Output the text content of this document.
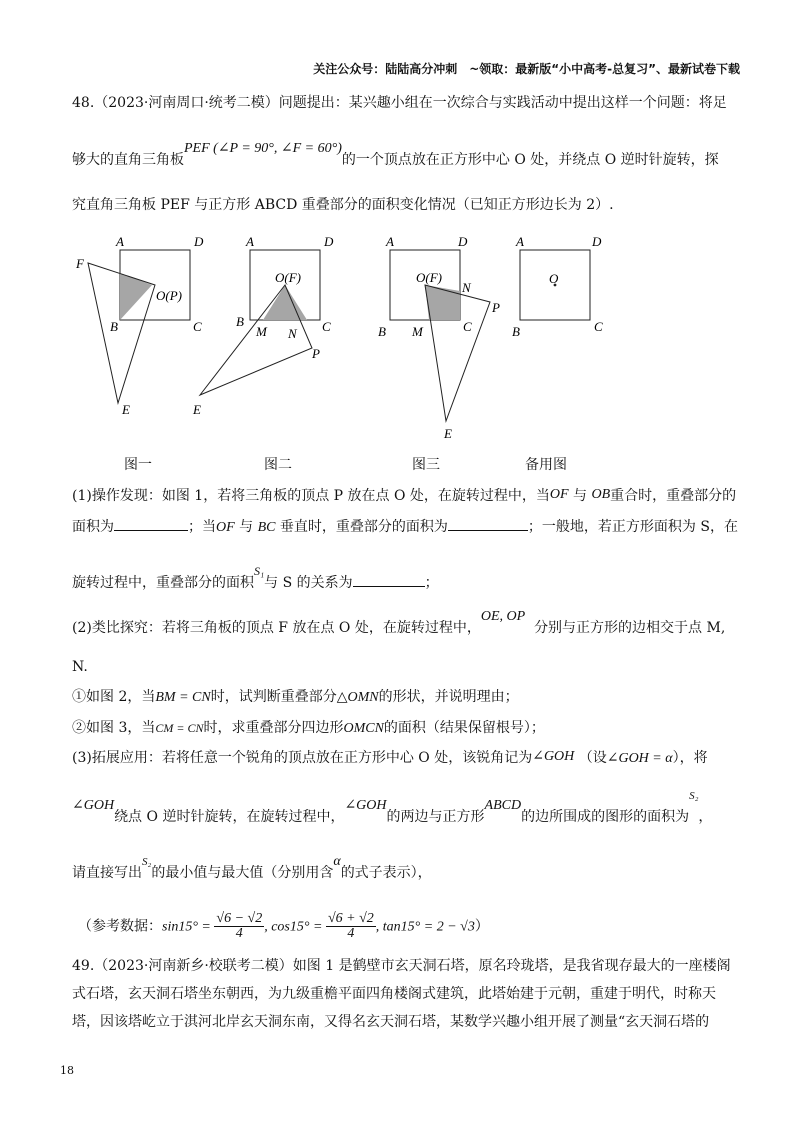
关注公众号：陆陆高分冲刺　~领取：最新版“小中高考-总复习”、最新试卷下载
48.（2023·河南周口·统考二模）问题提出：某兴趣小组在一次综合与实践活动中提出这样一个问题：将足
够大的直角三角板PEF (∠P = 90°, ∠F = 60°)的一个顶点放在正方形中心 O 处，并绕点 O 逆时针旋转，探
究直角三角板 PEF 与正方形 ABCD 重叠部分的面积变化情况（已知正方形边长为 2）.
A	D
F
O(P)
B	C
E
A	D
O(F)
B
M	C
N
P
E
A	D
O(F)
N
P
B M	C
E
A	D
O
B	C
图一	图二	图三	备用图
(1)操作发现：如图 1，若将三角板的顶点 P 放在点 O 处，在旋转过程中，当OF 与 OB重合时，重叠部分的
面积为	；当OF 与 BC 垂直时，重叠部分的面积为	；一般地，若正方形面积为 S，在
旋转过程中，重叠部分的面积S₁与 S 的关系为	；
(2)类比探究：若将三角板的顶点 F 放在点 O 处，在旋转过程中，OE, OP  分别与正方形的边相交于点 M,
N.
①如图 2，当BM = CN时，试判断重叠部分△OMN的形状，并说明理由；
②如图 3，当CM = CN时，求重叠部分四边形OMCN的面积（结果保留根号）；
(3)拓展应用：若将任意一个锐角的顶点放在正方形中心 O 处，该锐角记为∠GOH （设∠GOH = α），将
∠GOH绕点 O 逆时针旋转，在旋转过程中，∠GOH的两边与正方形ABCD的边所围成的图形的面积为$^{S_2}$，
请直接写出$^{S_2}$的最小值与最大值（分别用含α的式子表示），
（参考数据：$\sin 15^\circ = \frac{√6 - √2}{4}$ , $\cos 15^\circ = \frac{√6 + √2}{4}$ , tan15° = 2 − √3）
49.（2023·河南新乡·校联考二模）如图 1 是鹤壁市玄天洞石塔，原名玲珑塔，是我省现存最大的一座楼阁
式石塔，玄天洞石塔坐东朝西，为九级重檐平面四角楼阁式建筑，此塔始建于元朝，重建于明代，时称天
塔，因该塔屹立于淇河北岸玄天洞东南，又得名玄天洞石塔，某数学兴趣小组开展了测量“玄天洞石塔的
18
